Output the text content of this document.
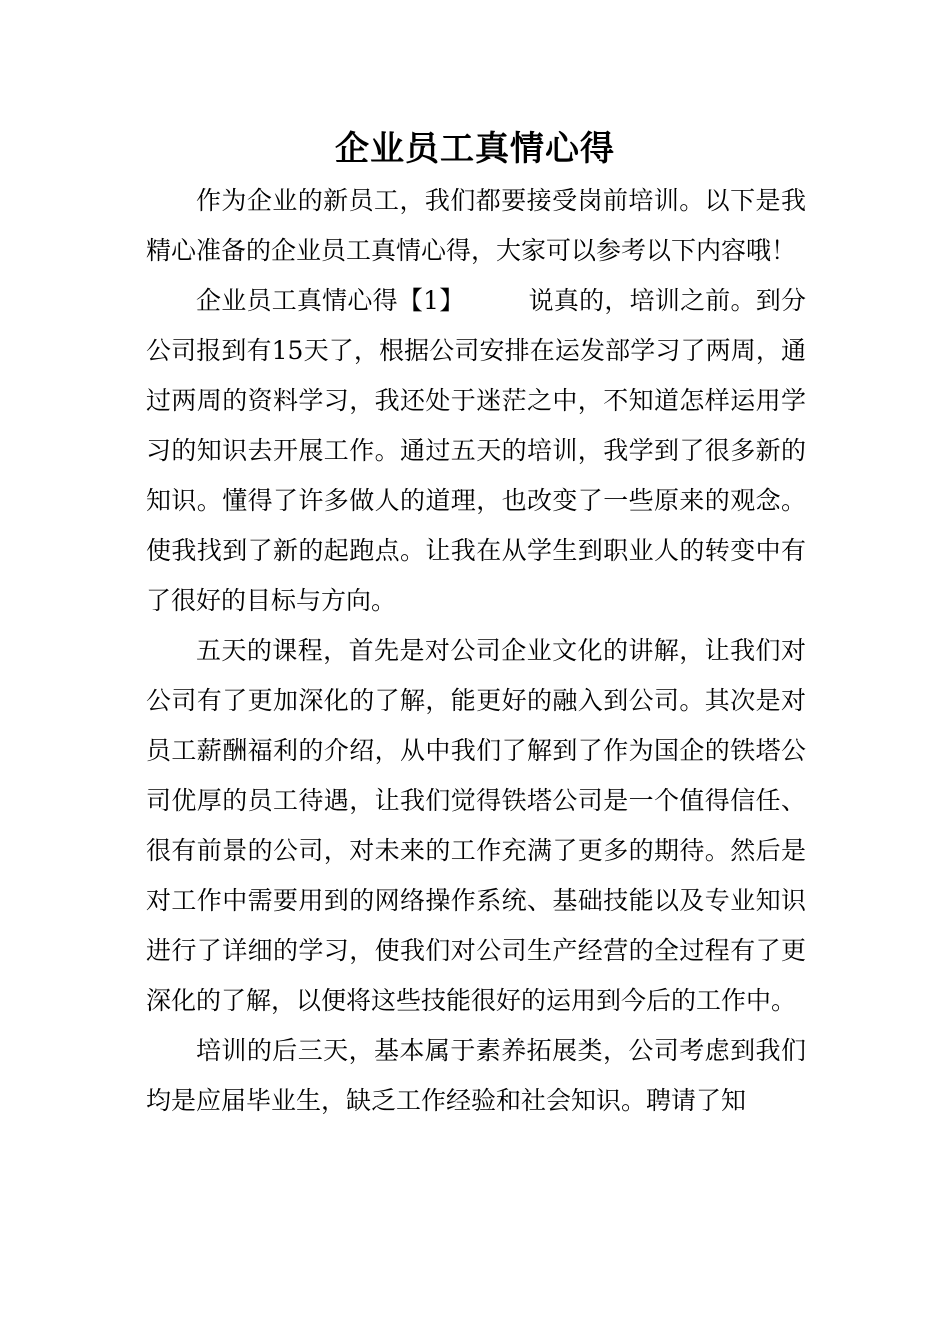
企业员工真情心得

作为企业的新员工，我们都要接受岗前培训。以下是我精心准备的企业员工真情心得，大家可以参考以下内容哦！

企业员工真情心得【1】	说真的，培训之前。到分公司报到有15天了，根据公司安排在运发部学习了两周，通过两周的资料学习，我还处于迷茫之中，不知道怎样运用学习的知识去开展工作。通过五天的培训，我学到了很多新的知识。懂得了许多做人的道理，也改变了一些原来的观念。使我找到了新的起跑点。让我在从学生到职业人的转变中有了很好的目标与方向。

五天的课程，首先是对公司企业文化的讲解，让我们对公司有了更加深化的了解，能更好的融入到公司。其次是对员工薪酬福利的介绍，从中我们了解到了作为国企的铁塔公司优厚的员工待遇，让我们觉得铁塔公司是一个值得信任、很有前景的公司，对未来的工作充满了更多的期待。然后是对工作中需要用到的网络操作系统、基础技能以及专业知识进行了详细的学习，使我们对公司生产经营的全过程有了更深化的了解，以便将这些技能很好的运用到今后的工作中。

培训的后三天，基本属于素养拓展类，公司考虑到我们均是应届毕业生，缺乏工作经验和社会知识。聘请了知
